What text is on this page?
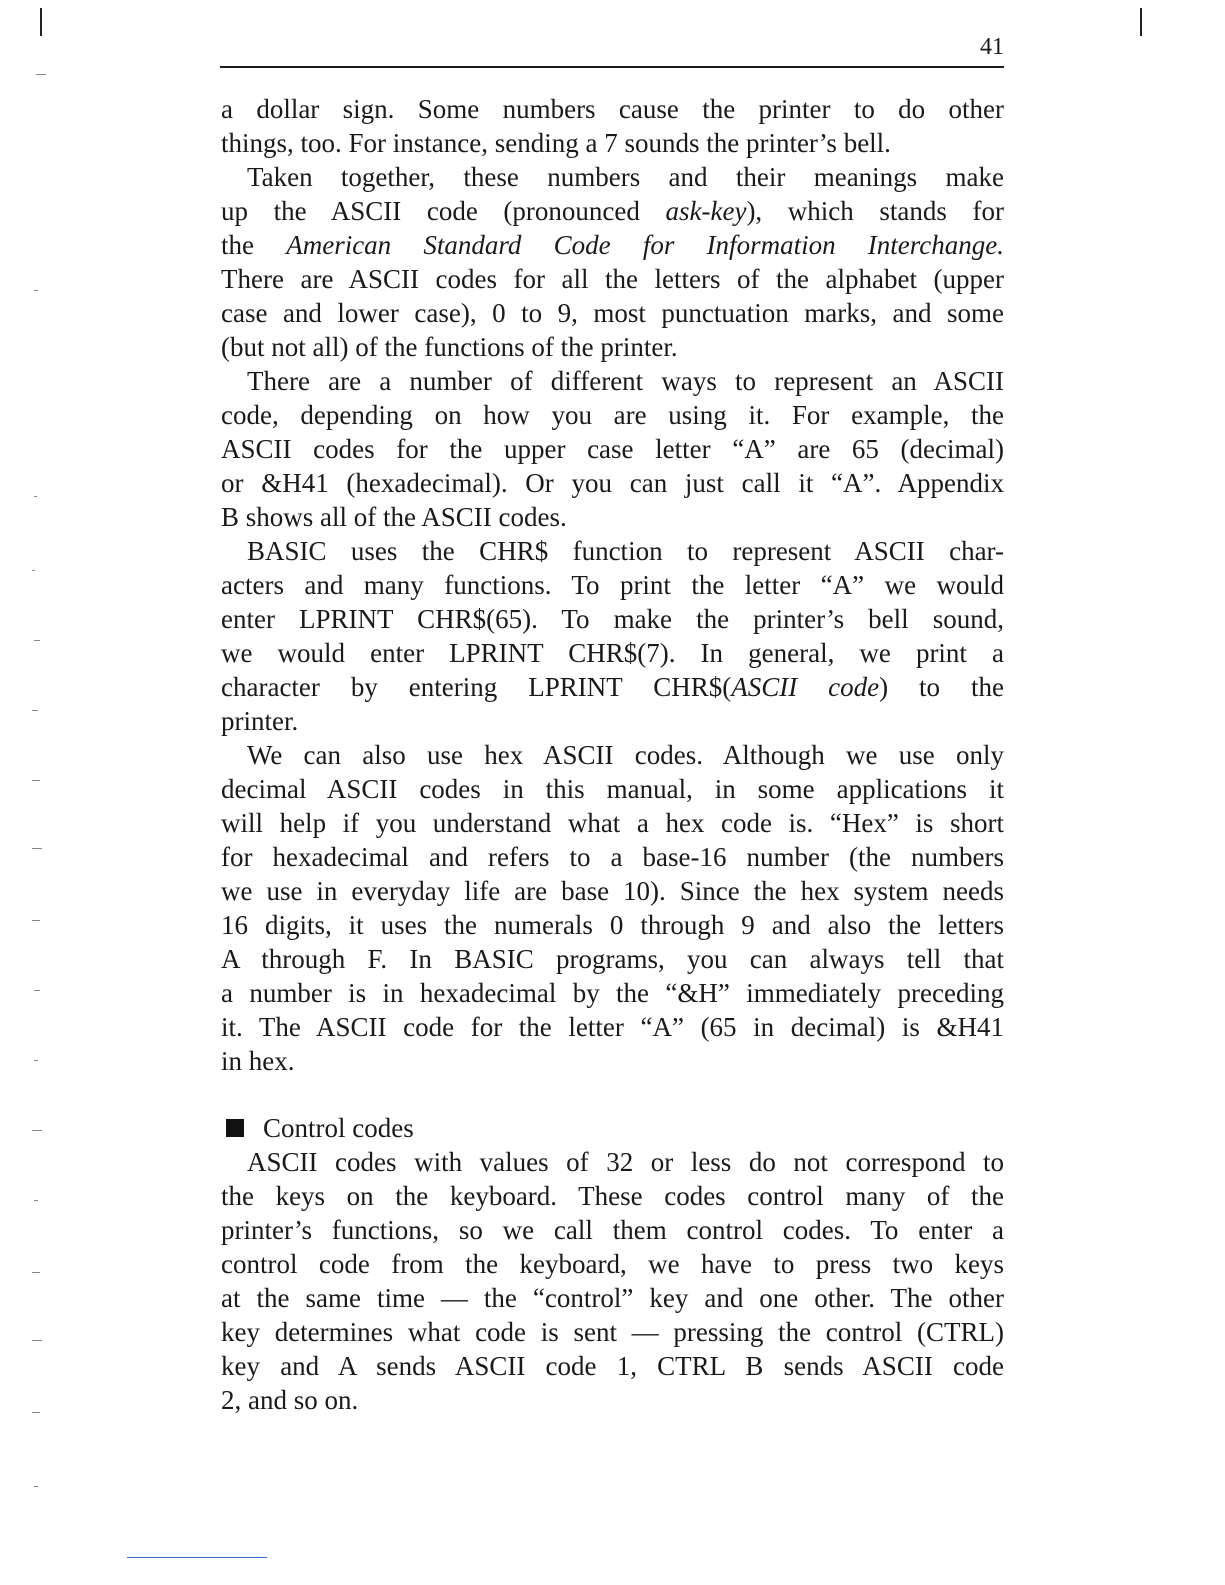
41
a dollar sign. Some numbers cause the printer to do other
things, too. For instance, sending a 7 sounds the printer’s bell.
Taken together, these numbers and their meanings make
up the ASCII code (pronounced ask-key), which stands for
the American Standard Code for Information Interchange.
There are ASCII codes for all the letters of the alphabet (upper
case and lower case), 0 to 9, most punctuation marks, and some
(but not all) of the functions of the printer.
There are a number of different ways to represent an ASCII
code, depending on how you are using it. For example, the
ASCII codes for the upper case letter “A” are 65 (decimal)
or &H41 (hexadecimal). Or you can just call it “A”. Appendix
B shows all of the ASCII codes.
BASIC uses the CHR$ function to represent ASCII char-
acters and many functions. To print the letter “A” we would
enter LPRINT CHR$(65). To make the printer’s bell sound,
we would enter LPRINT CHR$(7). In general, we print a
character by entering LPRINT CHR$(ASCII code) to the
printer.
We can also use hex ASCII codes. Although we use only
decimal ASCII codes in this manual, in some applications it
will help if you understand what a hex code is. “Hex” is short
for hexadecimal and refers to a base-16 number (the numbers
we use in everyday life are base 10). Since the hex system needs
16 digits, it uses the numerals 0 through 9 and also the letters
A through F. In BASIC programs, you can always tell that
a number is in hexadecimal by the “&H” immediately preceding
it. The ASCII code for the letter “A” (65 in decimal) is &H41
in hex.
Control codes
ASCII codes with values of 32 or less do not correspond to
the keys on the keyboard. These codes control many of the
printer’s functions, so we call them control codes. To enter a
control code from the keyboard, we have to press two keys
at the same time — the “control” key and one other. The other
key determines what code is sent — pressing the control (CTRL)
key and A sends ASCII code 1, CTRL B sends ASCII code
2, and so on.
